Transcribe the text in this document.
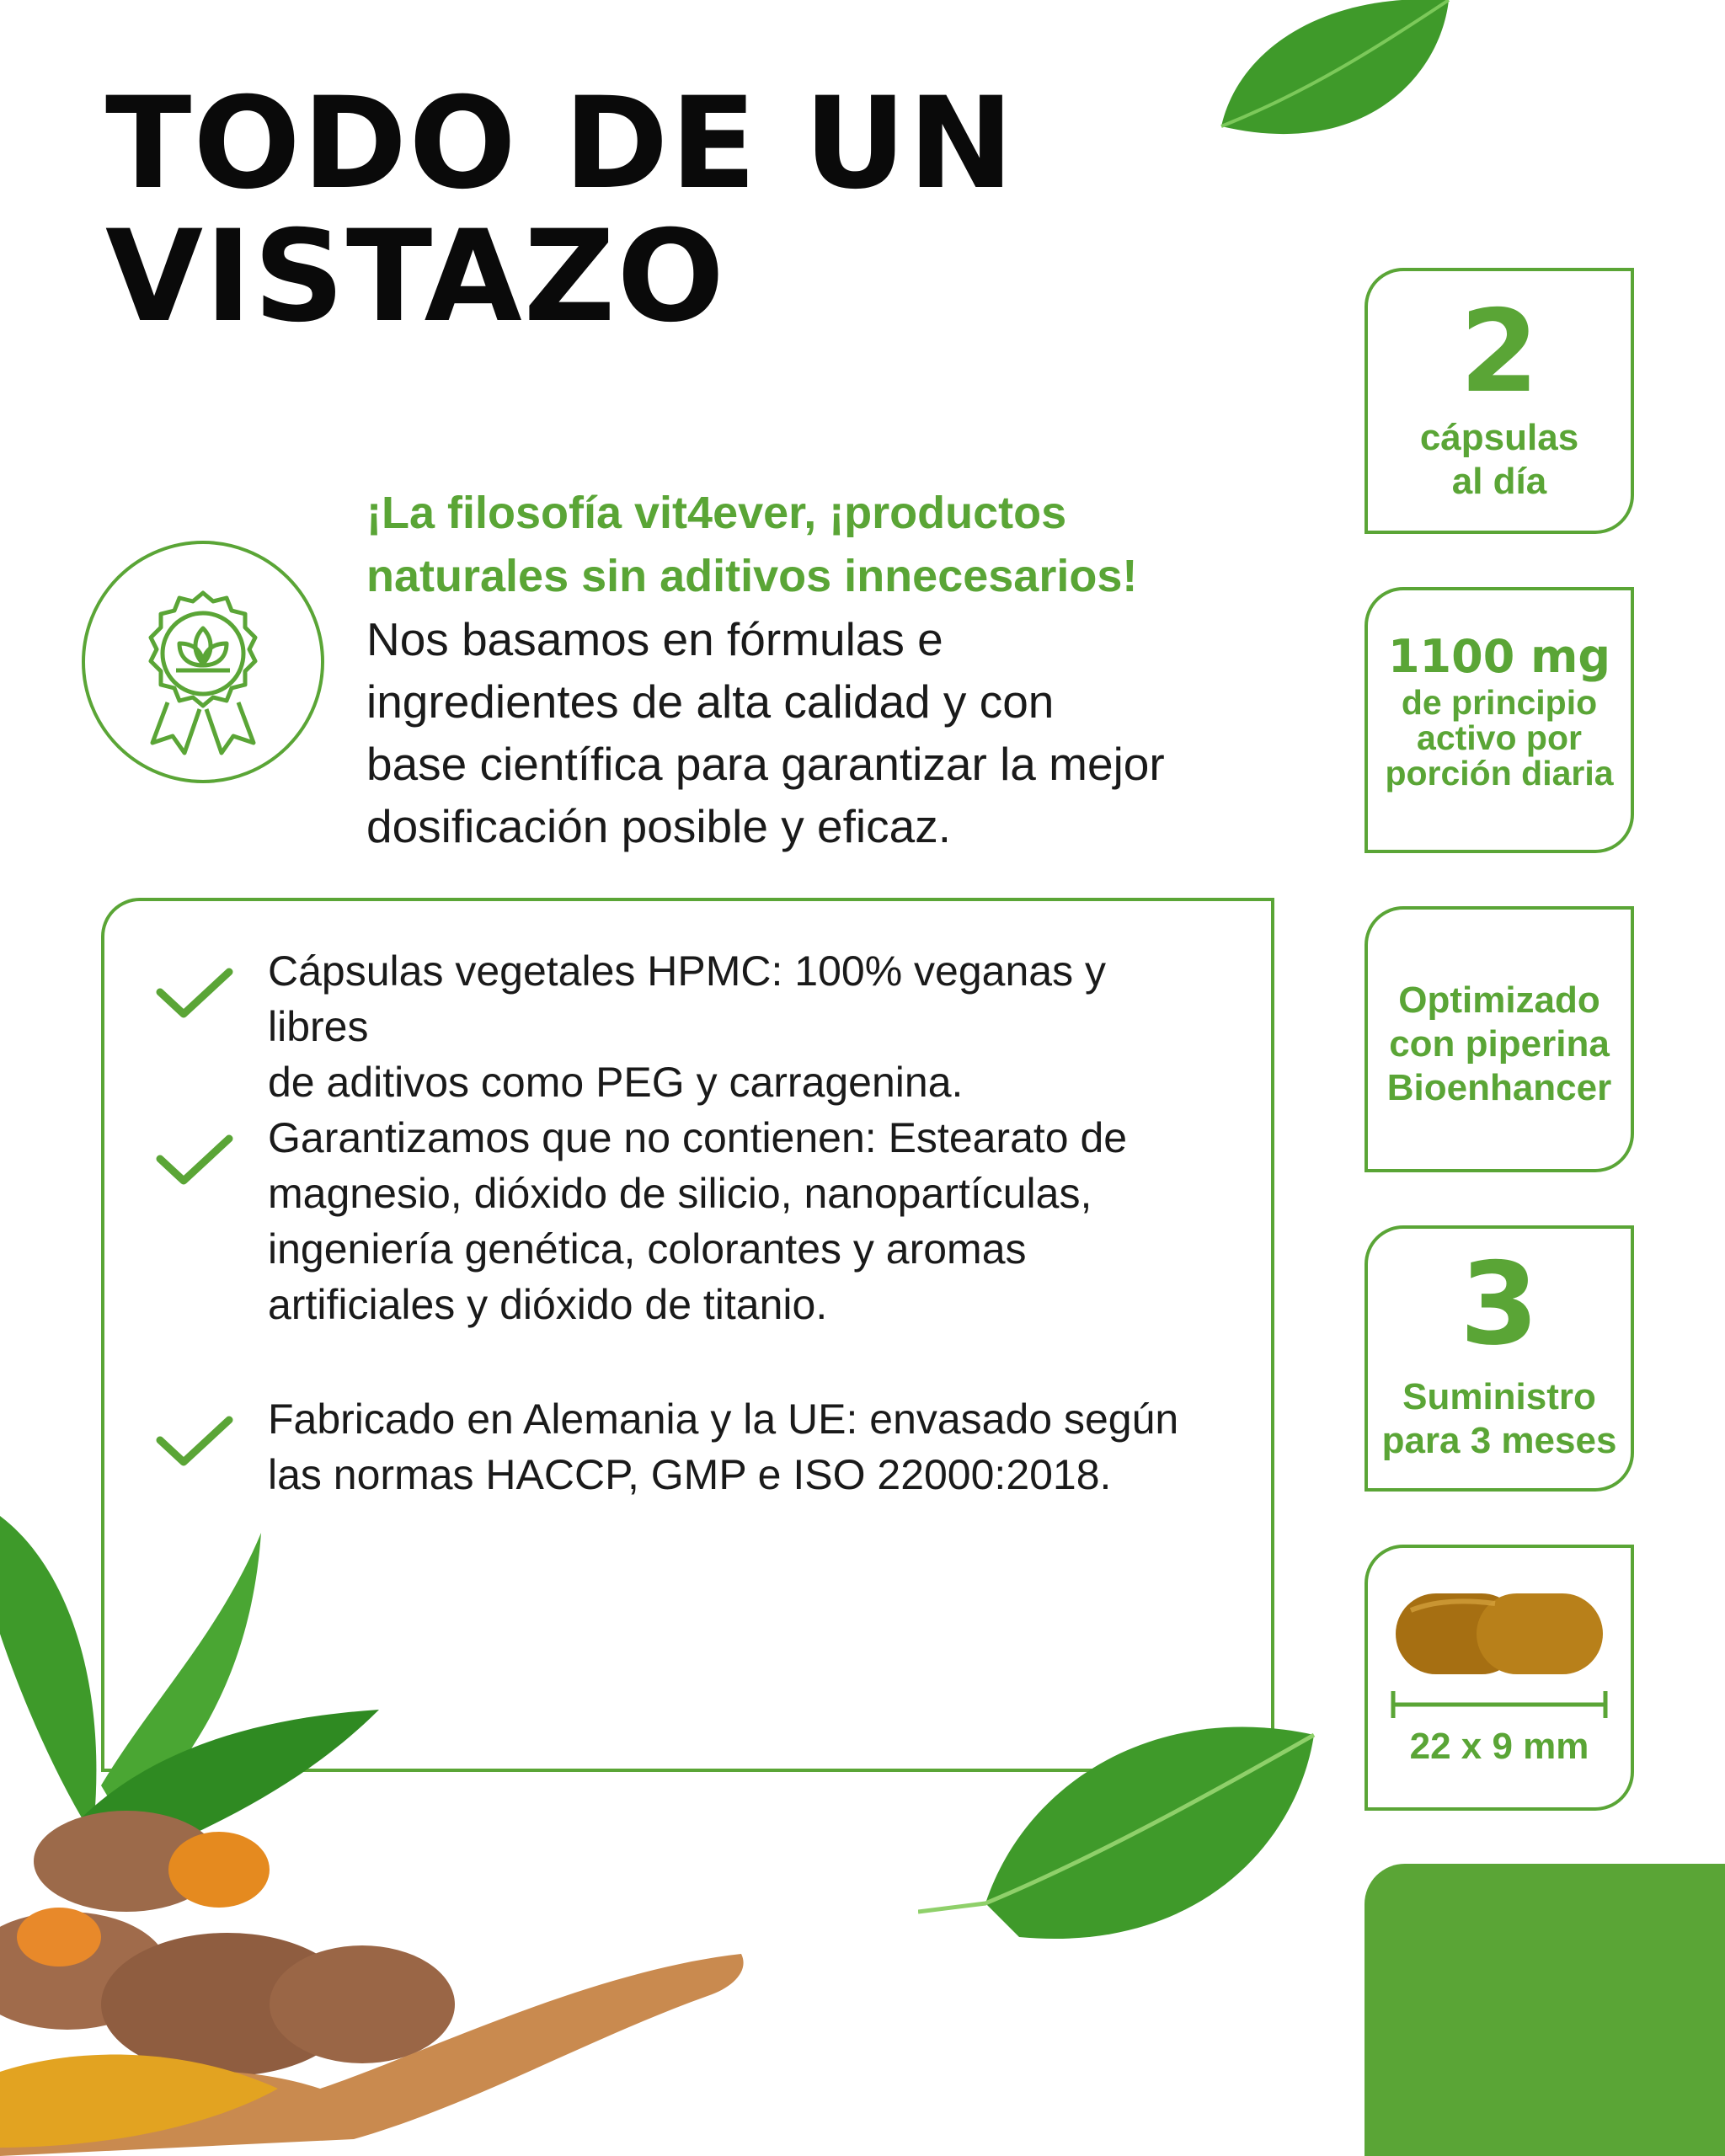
TODO DE UN
VISTAZO
¡La filosofía vit4ever, ¡productos
naturales sin aditivos innecesarios!
Nos basamos en fórmulas e
ingredientes de alta calidad y con
base científica para garantizar la mejor
dosificación posible y eficaz.
Cápsulas vegetales HPMC: 100% veganas y libres
de aditivos como PEG y carragenina.
Garantizamos que no contienen: Estearato de
magnesio, dióxido de silicio, nanopartículas,
ingeniería genética, colorantes y aromas
artificiales y dióxido de titanio.
Fabricado en Alemania y la UE: envasado según
las normas HACCP, GMP e ISO 22000:2018.
2
cápsulas
al día
1100 mg
de principio
activo por
porción diaria
Optimizado
con piperina
Bioenhancer
3
Suministro
para 3 meses
22 x 9 mm
